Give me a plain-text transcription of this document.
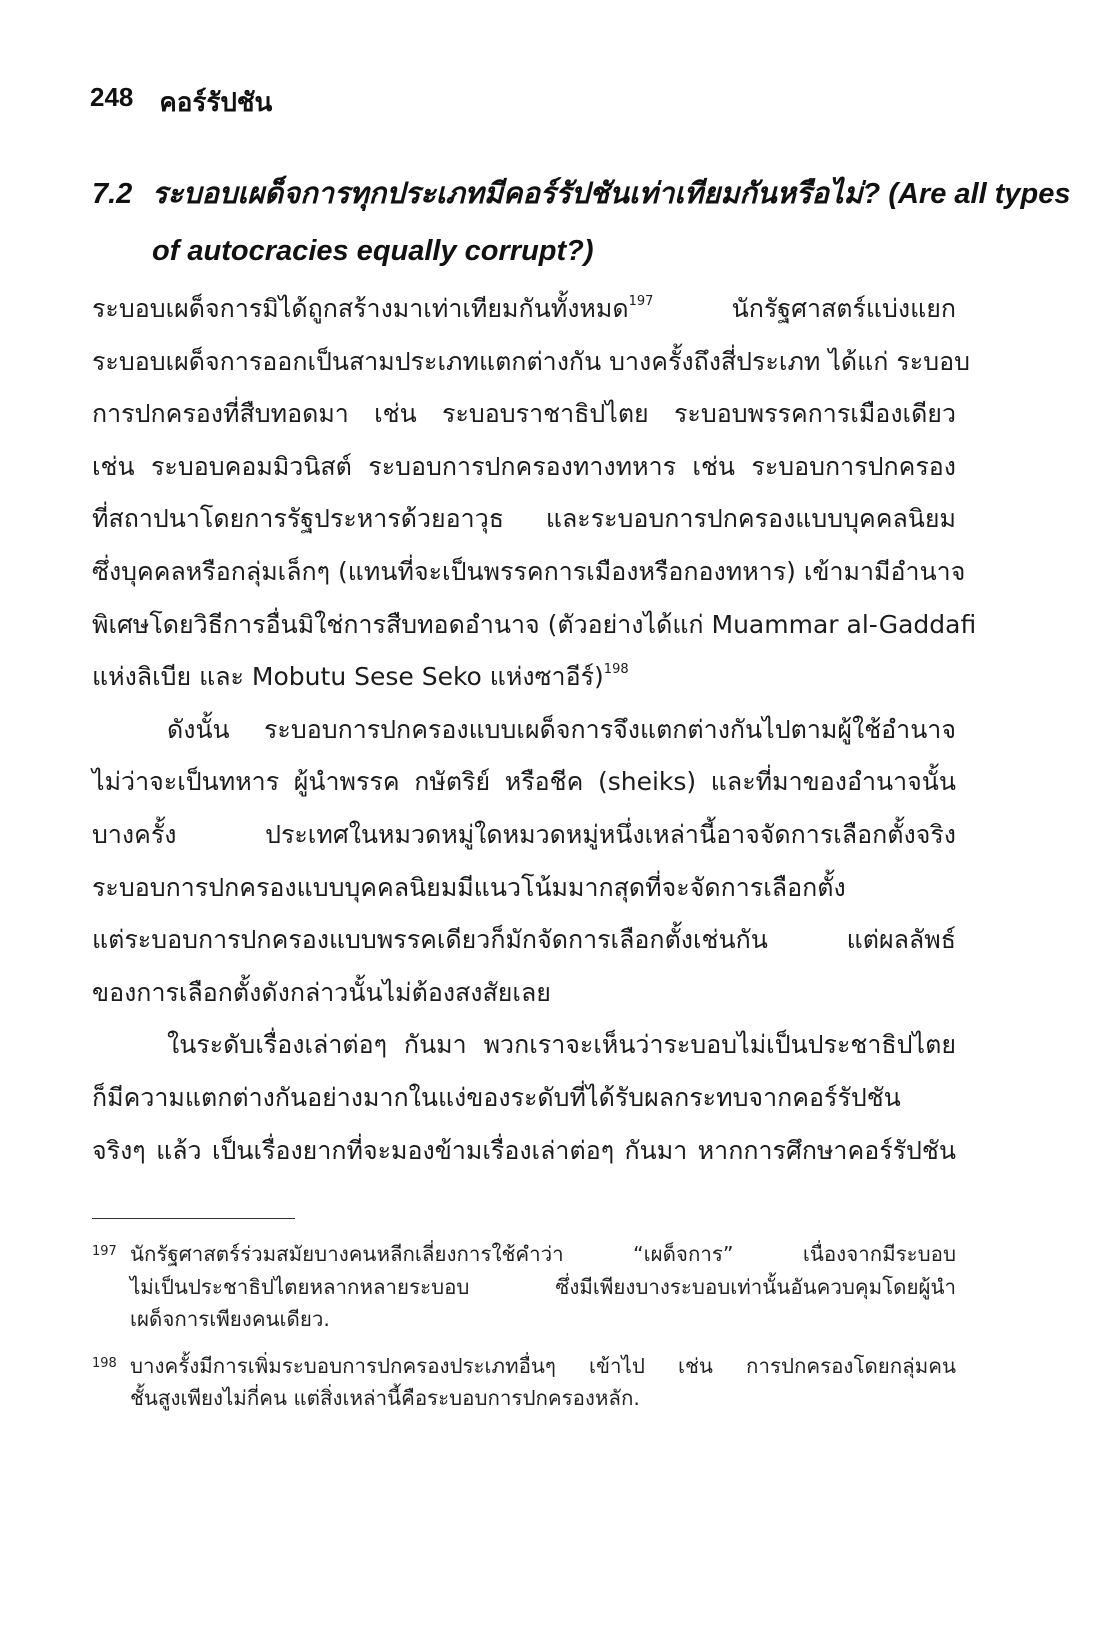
248 คอร์รัปชัน
7.2 ระบอบเผด็จการทุกประเภทมีคอร์รัปชันเท่าเทียมกันหรือไม่? (Are all types
of autocracies equally corrupt?)
ระบอบเผด็จการมิได้ถูกสร้างมาเท่าเทียมกันทั้งหมด$^{197}$ นักรัฐศาสตร์แบ่งแยก
ระบอบเผด็จการออกเป็นสามประเภทแตกต่างกัน บางครั้งถึงสี่ประเภท ได้แก่ ระบอบ
การปกครองที่สืบทอดมา เช่น ระบอบราชาธิปไตย ระบอบพรรคการเมืองเดียว
เช่น ระบอบคอมมิวนิสต์ ระบอบการปกครองทางทหาร เช่น ระบอบการปกครอง
ที่สถาปนาโดยการรัฐประหารด้วยอาวุธ และระบอบการปกครองแบบบุคคลนิยม
ซึ่งบุคคลหรือกลุ่มเล็กๆ (แทนที่จะเป็นพรรคการเมืองหรือกองทหาร) เข้ามามีอำนาจ
พิเศษโดยวิธีการอื่นมิใช่การสืบทอดอำนาจ (ตัวอย่างได้แก่ Muammar al-Gaddafi
แห่งลิเบีย และ Mobutu Sese Seko แห่งซาอีร์)$^{198}$
ดังนั้น ระบอบการปกครองแบบเผด็จการจึงแตกต่างกันไปตามผู้ใช้อำนาจ
ไม่ว่าจะเป็นทหาร ผู้นำพรรค กษัตริย์ หรือชีค (sheiks) และที่มาของอำนาจนั้น
บางครั้ง ประเทศในหมวดหมู่ใดหมวดหมู่หนึ่งเหล่านี้อาจจัดการเลือกตั้งจริง
ระบอบการปกครองแบบบุคคลนิยมมีแนวโน้มมากสุดที่จะจัดการเลือกตั้ง
แต่ระบอบการปกครองแบบพรรคเดียวก็มักจัดการเลือกตั้งเช่นกัน แต่ผลลัพธ์
ของการเลือกตั้งดังกล่าวนั้นไม่ต้องสงสัยเลย
ในระดับเรื่องเล่าต่อๆ กันมา พวกเราจะเห็นว่าระบอบไม่เป็นประชาธิปไตย
ก็มีความแตกต่างกันอย่างมากในแง่ของระดับที่ได้รับผลกระทบจากคอร์รัปชัน
จริงๆ แล้ว เป็นเรื่องยากที่จะมองข้ามเรื่องเล่าต่อๆ กันมา หากการศึกษาคอร์รัปชัน
197 นักรัฐศาสตร์ร่วมสมัยบางคนหลีกเลี่ยงการใช้คำว่า “เผด็จการ” เนื่องจากมีระบอบ
ไม่เป็นประชาธิปไตยหลากหลายระบอบ ซึ่งมีเพียงบางระบอบเท่านั้นอันควบคุมโดยผู้นำ
เผด็จการเพียงคนเดียว.
198 บางครั้งมีการเพิ่มระบอบการปกครองประเภทอื่นๆ เข้าไป เช่น การปกครองโดยกลุ่มคน
ชั้นสูงเพียงไม่กี่คน แต่สิ่งเหล่านี้คือระบอบการปกครองหลัก.
